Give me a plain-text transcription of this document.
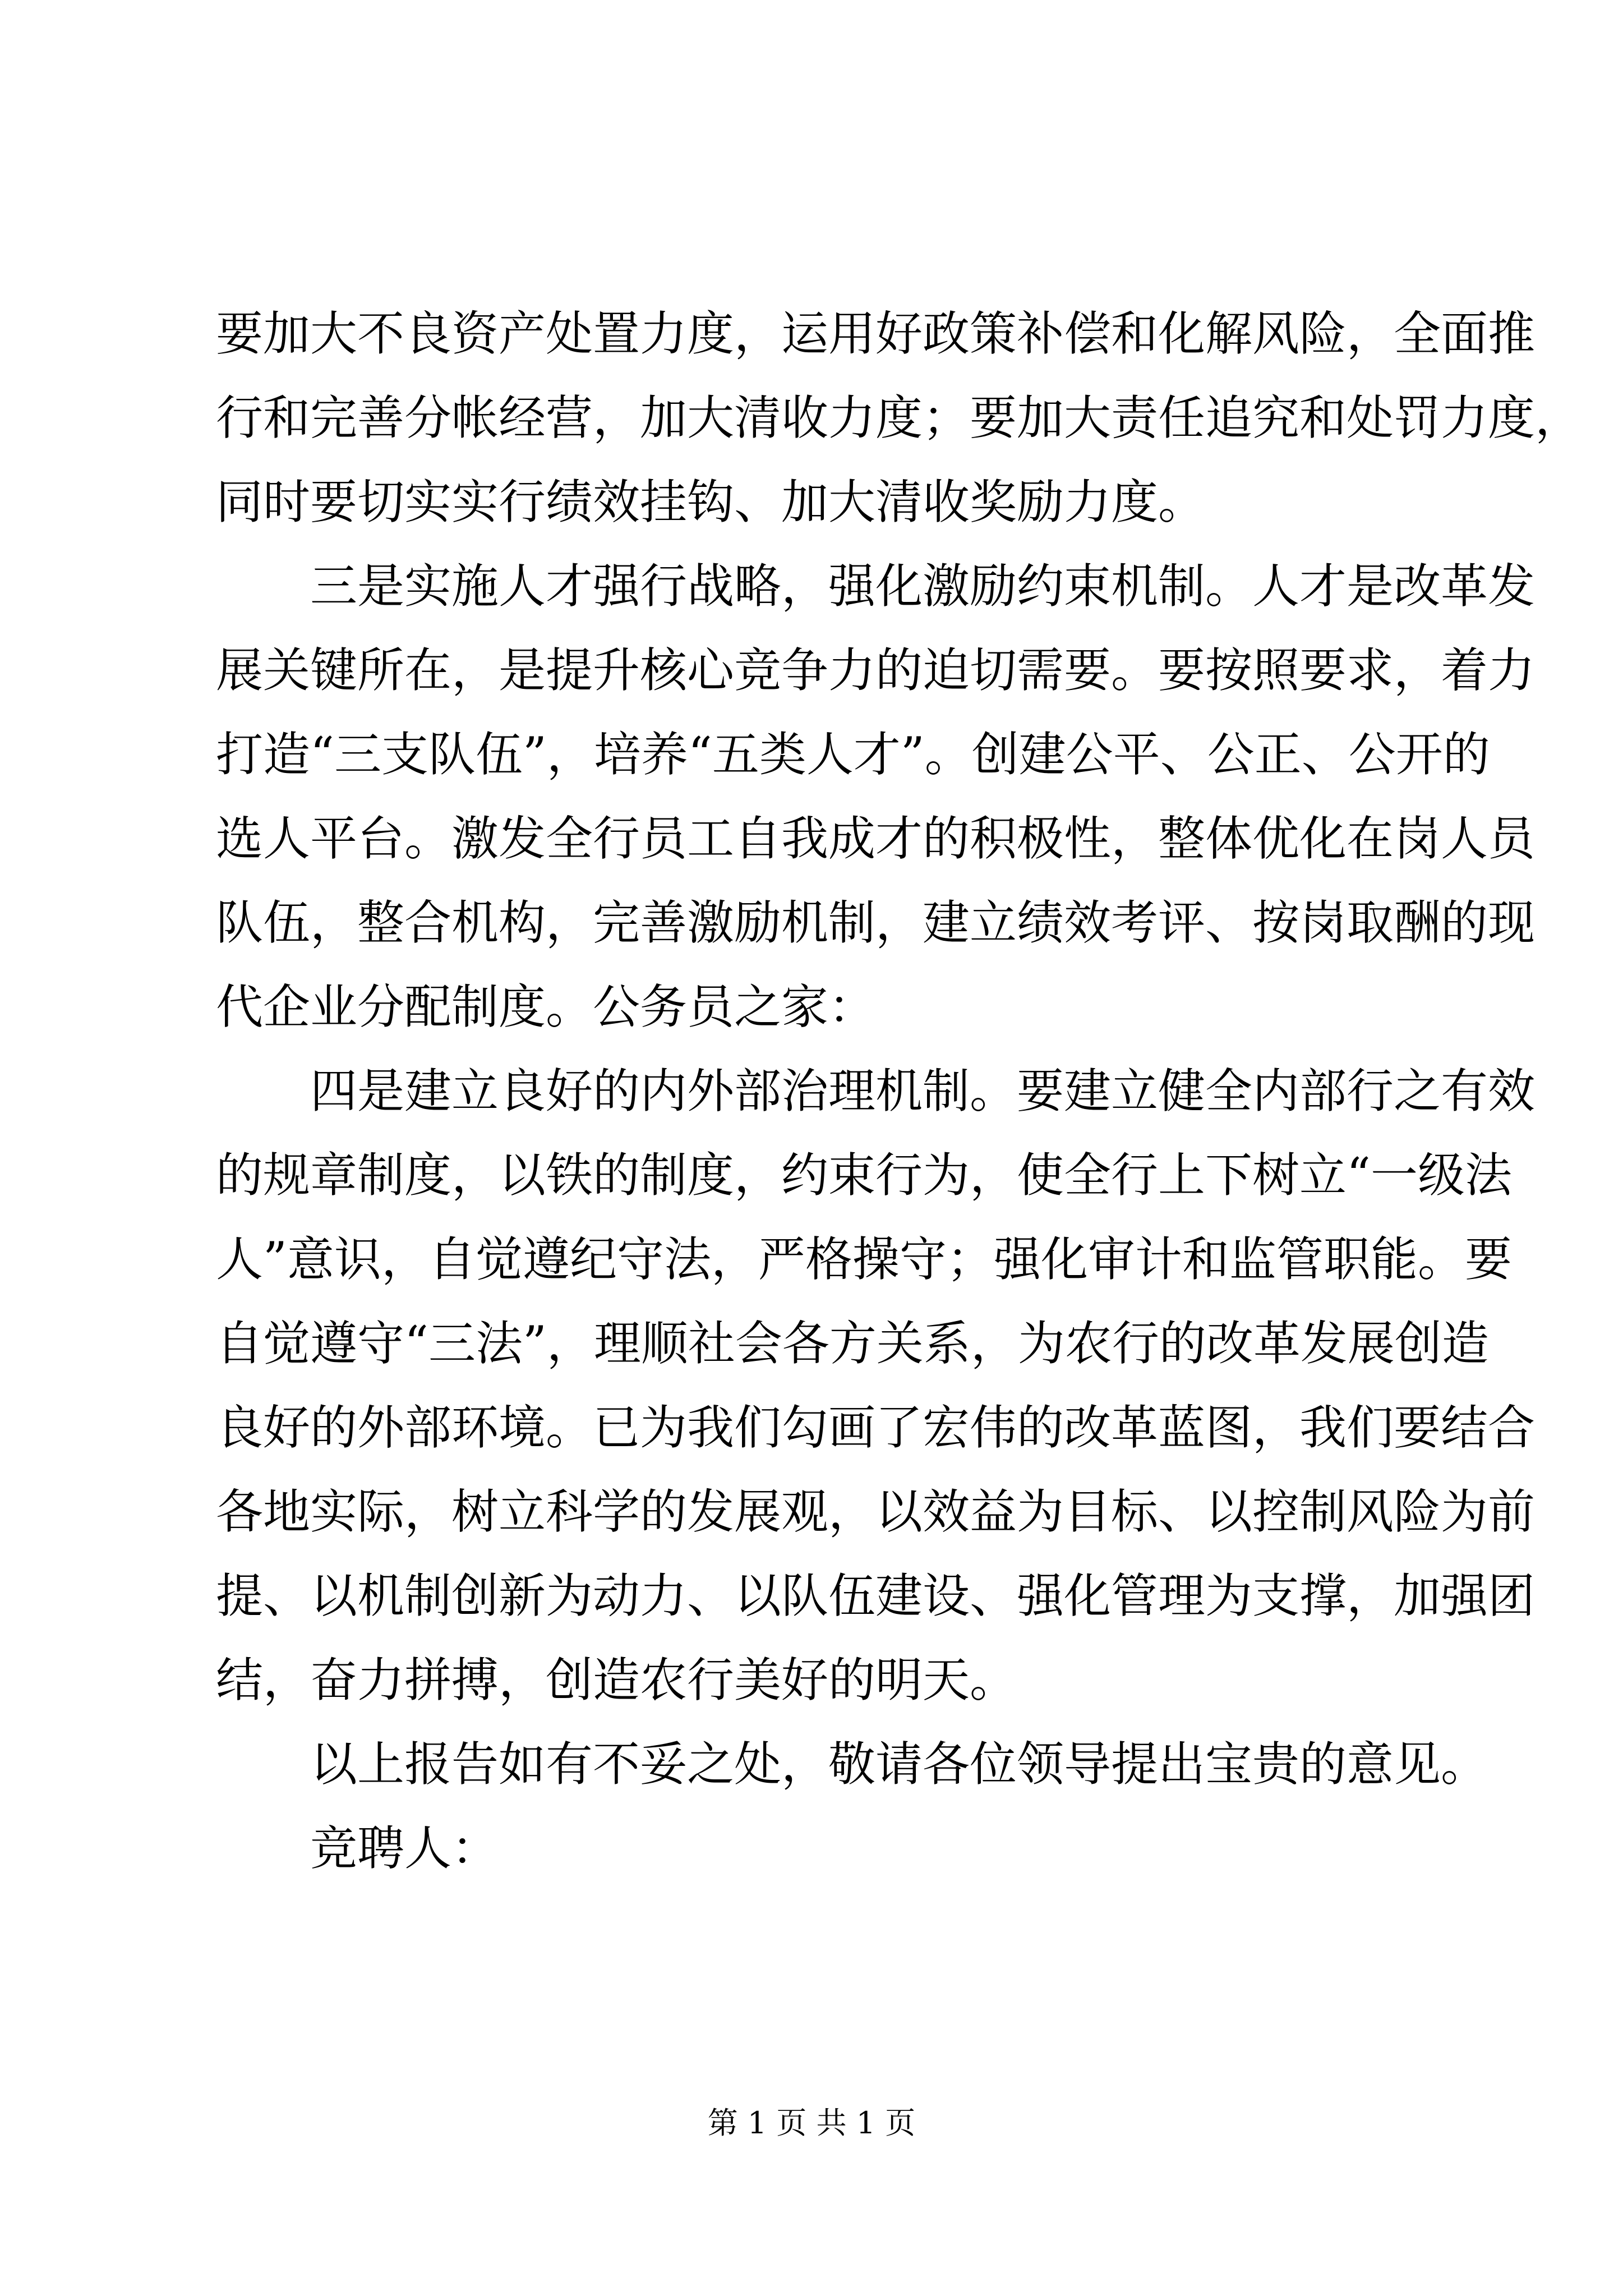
要加大不良资产处置力度，运用好政策补偿和化解风险，全面推
行和完善分帐经营，加大清收力度；要加大责任追究和处罚力度，
同时要切实实行绩效挂钩、加大清收奖励力度。
三是实施人才强行战略，强化激励约束机制。人才是改革发
展关键所在，是提升核心竞争力的迫切需要。要按照要求，着力
打造“三支队伍”，培养“五类人才”。创建公平、公正、公开的
选人平台。激发全行员工自我成才的积极性，整体优化在岗人员
队伍，整合机构，完善激励机制，建立绩效考评、按岗取酬的现
代企业分配制度。公务员之家：
四是建立良好的内外部治理机制。要建立健全内部行之有效
的规章制度，以铁的制度，约束行为，使全行上下树立“一级法
人”意识，自觉遵纪守法，严格操守；强化审计和监管职能。要
自觉遵守“三法”，理顺社会各方关系，为农行的改革发展创造
良好的外部环境。已为我们勾画了宏伟的改革蓝图，我们要结合
各地实际，树立科学的发展观，以效益为目标、以控制风险为前
提、以机制创新为动力、以队伍建设、强化管理为支撑，加强团
结，奋力拼搏，创造农行美好的明天。
以上报告如有不妥之处，敬请各位领导提出宝贵的意见。
竞聘人：
第 1 页 共 1 页
